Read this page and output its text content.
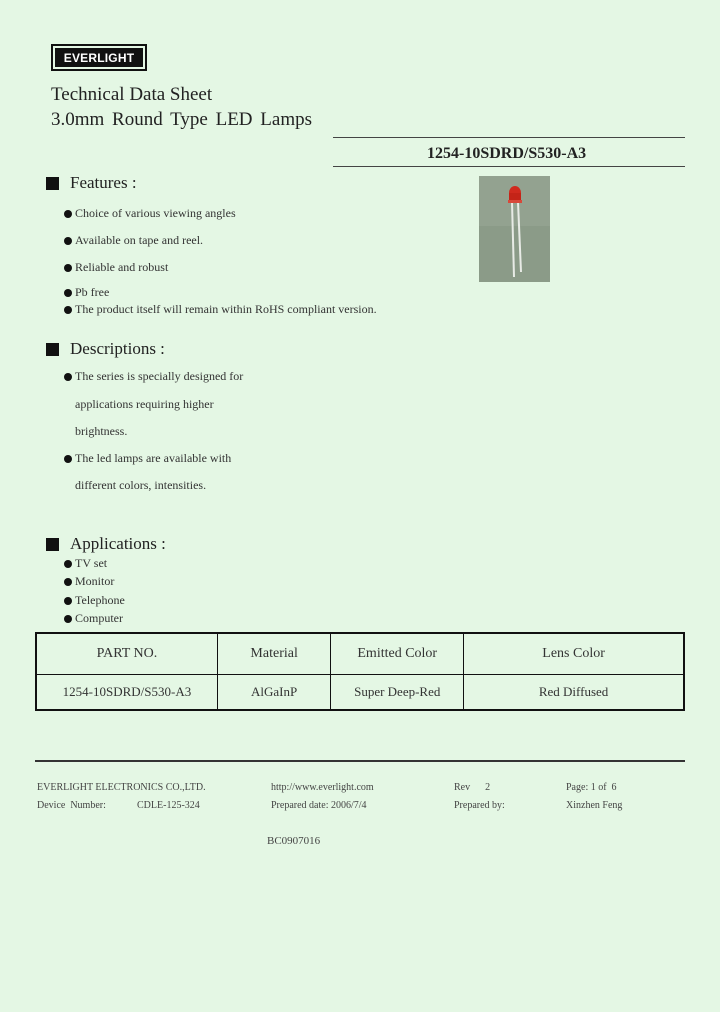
EVERLIGHT
Technical Data Sheet
3.0mm Round Type LED Lamps
1254-10SDRD/S530-A3
Features :
Choice of various viewing angles
Available on tape and reel.
Reliable and robust
Pb free
The product itself will remain within RoHS compliant version.
Descriptions :
The series is specially designed for
applications requiring higher
brightness.
The led lamps are available with
different colors, intensities.
Applications :
TV set
Monitor
Telephone
Computer
PART NO.	Material	Emitted Color	Lens Color
1254-10SDRD/S530-A3	AlGaInP	Super Deep-Red	Red Diffused
EVERLIGHT ELECTRONICS CO.,LTD.	http://www.everlight.com	Rev      2	Page: 1 of  6
Device  Number:	CDLE-125-324	Prepared date: 2006/7/4	Prepared by:	Xinzhen Feng
BC0907016
